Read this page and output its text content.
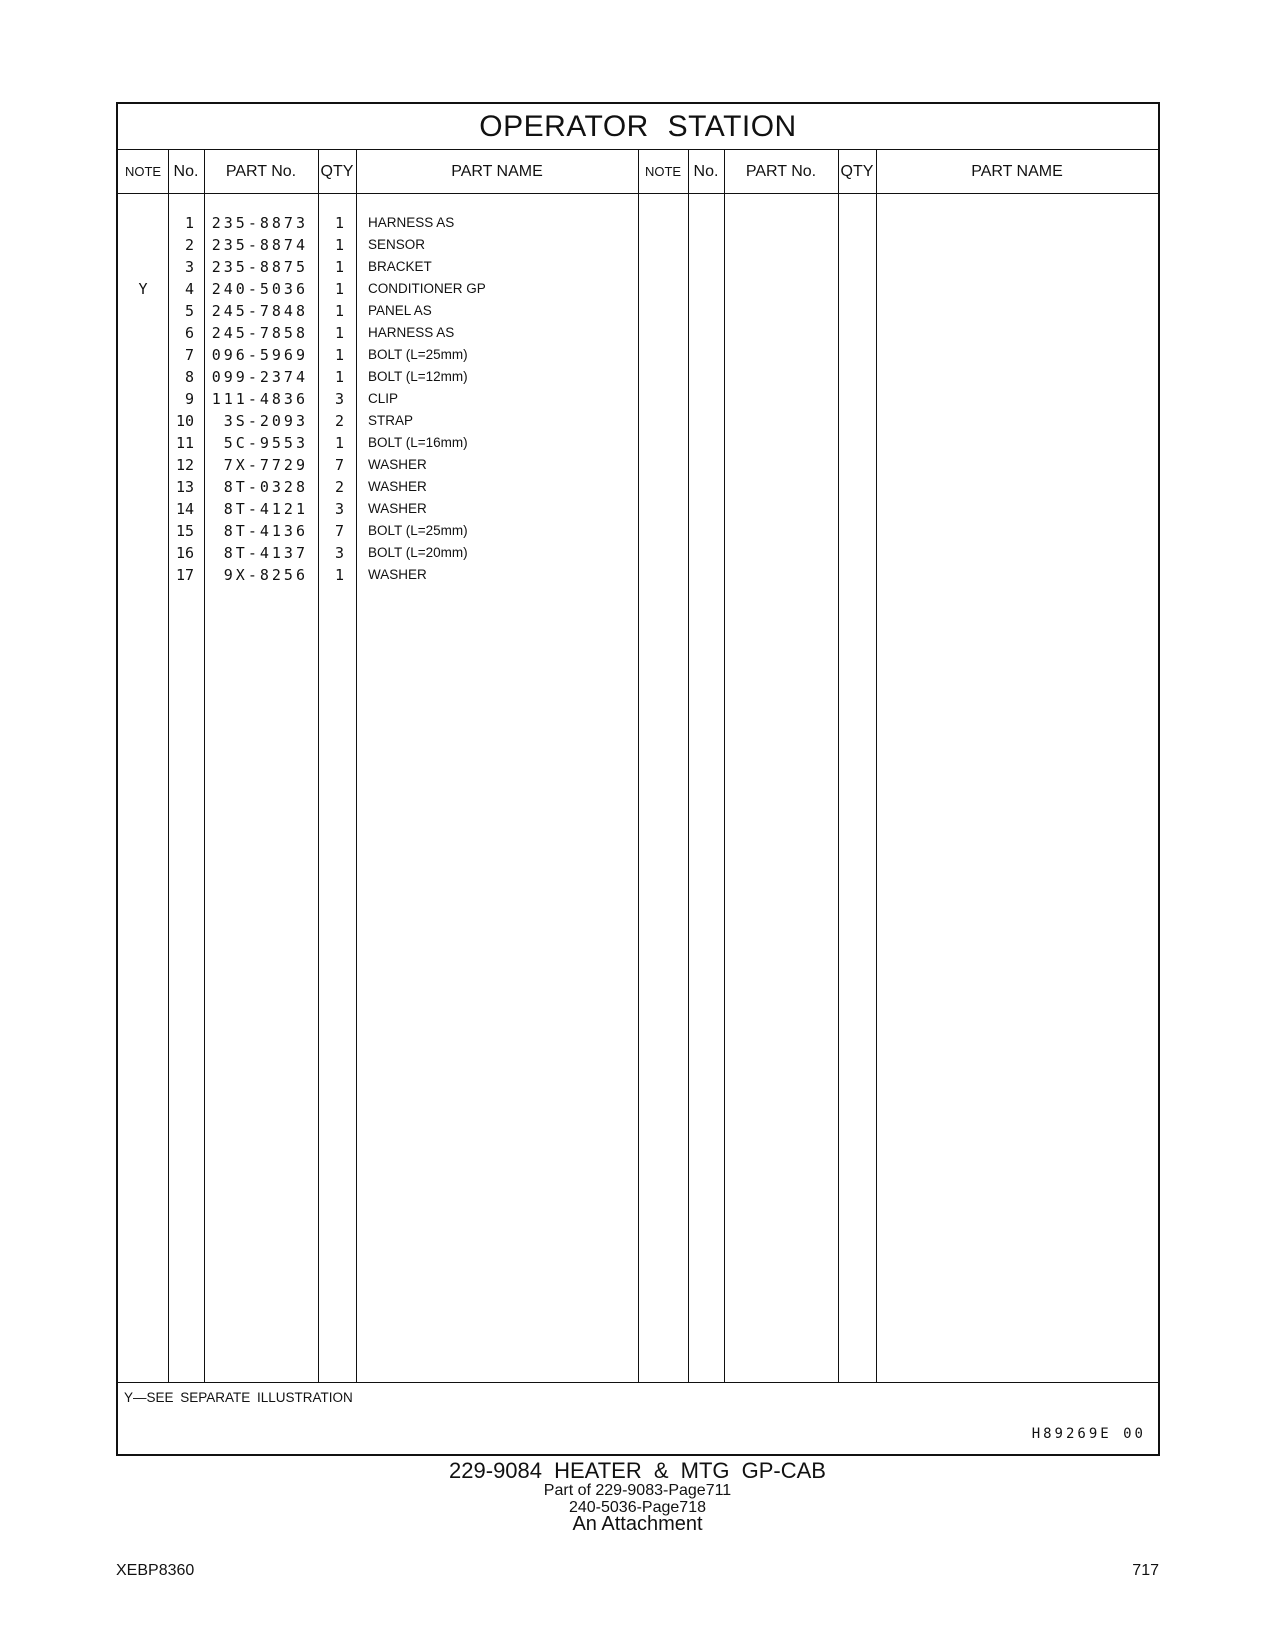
OPERATOR STATION
NOTE No.	PART No.	QTY	PART NAME	NOTE No.	PART No.	QTY	PART NAME
1	235-8873	1 HARNESS AS
2	235-8874	1 SENSOR
3	235-8875	1 BRACKET
Y	4	240-5036	1 CONDITIONER GP
5	245-7848	1 PANEL AS
6	245-7858	1 HARNESS AS
7	096-5969	1 BOLT (L=25mm)
8	099-2374	1 BOLT (L=12mm)
9	111-4836	3 CLIP
10	3S-2093	2 STRAP
11	5C-9553	1 BOLT (L=16mm)
12	7X-7729	7 WASHER
13	8T-0328	2 WASHER
14	8T-4121	3 WASHER
15	8T-4136	7 BOLT (L=25mm)
16	8T-4137	3 BOLT (L=20mm)
17	9X-8256	1 WASHER
Y—SEE SEPARATE ILLUSTRATION
H89269E 00
229-9084 HEATER & MTG GP-CAB
Part of 229-9083-Page711
240-5036-Page718
An Attachment
XEBP8360	717
